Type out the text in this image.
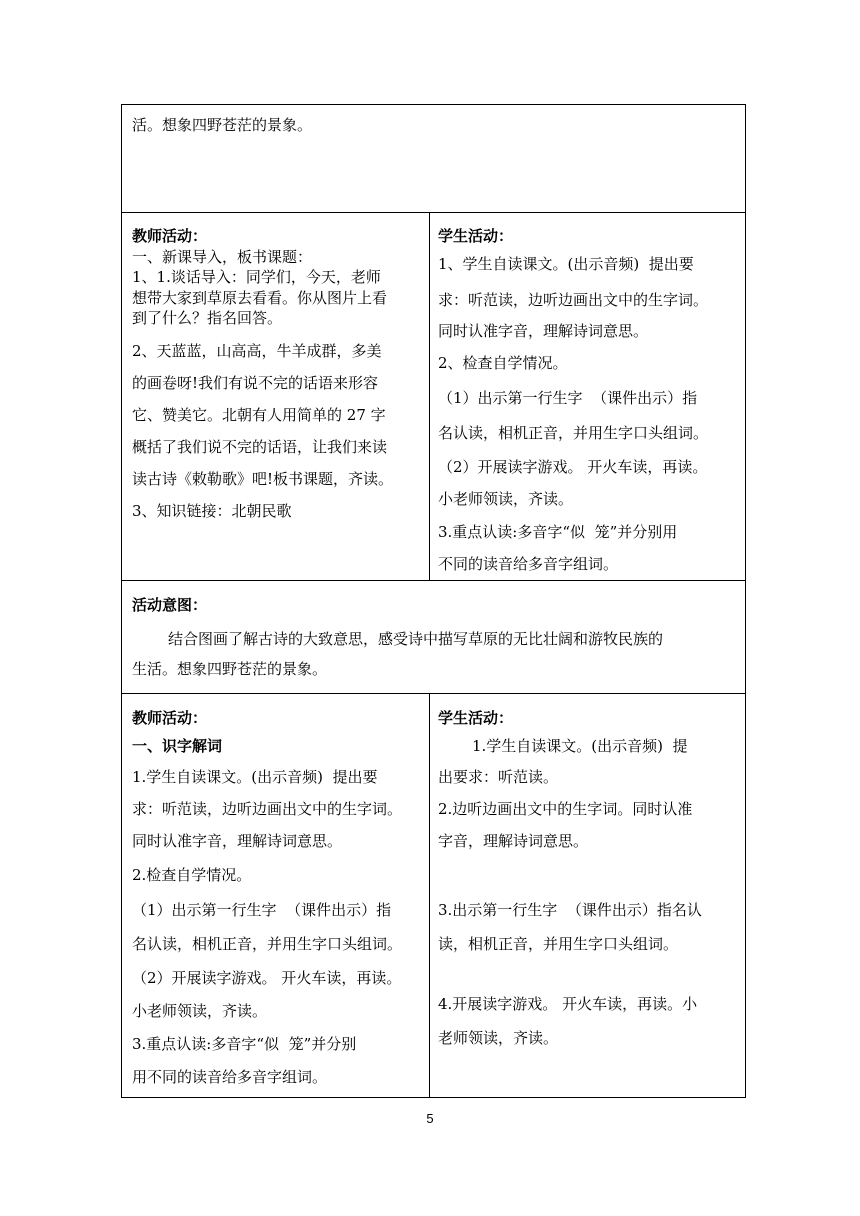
活。想象四野苍茫的景象。
教师活动：
一、新课导入，板书课题：
1、1.谈话导入：同学们，今天，老师
想带大家到草原去看看。你从图片上看
到了什么？指名回答。
2、天蓝蓝，山高高，牛羊成群，多美
的画卷呀!我们有说不完的话语来形容
它、赞美它。北朝有人用简单的 27 字
概括了我们说不完的话语，让我们来读
读古诗《敕勒歌》吧!板书课题，齐读。
3、知识链接：北朝民歌
学生活动：
1、学生自读课文。(出示音频)  提出要
求：听范读，边听边画出文中的生字词。
同时认准字音，理解诗词意思。
2、检查自学情况。
（1）出示第一行生字  （课件出示）指
名认读，相机正音，并用生字口头组词。
（2）开展读字游戏。 开火车读，再读。
小老师领读，齐读。
3.重点认读:多音字“似  笼”并分别用
不同的读音给多音字组词。
活动意图：
结合图画了解古诗的大致意思，感受诗中描写草原的无比壮阔和游牧民族的
生活。想象四野苍茫的景象。
教师活动：
一、识字解词
1.学生自读课文。(出示音频)  提出要
求：听范读，边听边画出文中的生字词。
同时认准字音，理解诗词意思。
2.检查自学情况。
（1）出示第一行生字  （课件出示）指
名认读，相机正音，并用生字口头组词。
（2）开展读字游戏。 开火车读，再读。
小老师领读，齐读。
3.重点认读:多音字“似  笼”并分别
用不同的读音给多音字组词。
学生活动：
1.学生自读课文。(出示音频)  提
出要求：听范读。
2.边听边画出文中的生字词。同时认准
字音，理解诗词意思。
3.出示第一行生字  （课件出示）指名认
读，相机正音，并用生字口头组词。
4.开展读字游戏。 开火车读，再读。小
老师领读，齐读。
5
